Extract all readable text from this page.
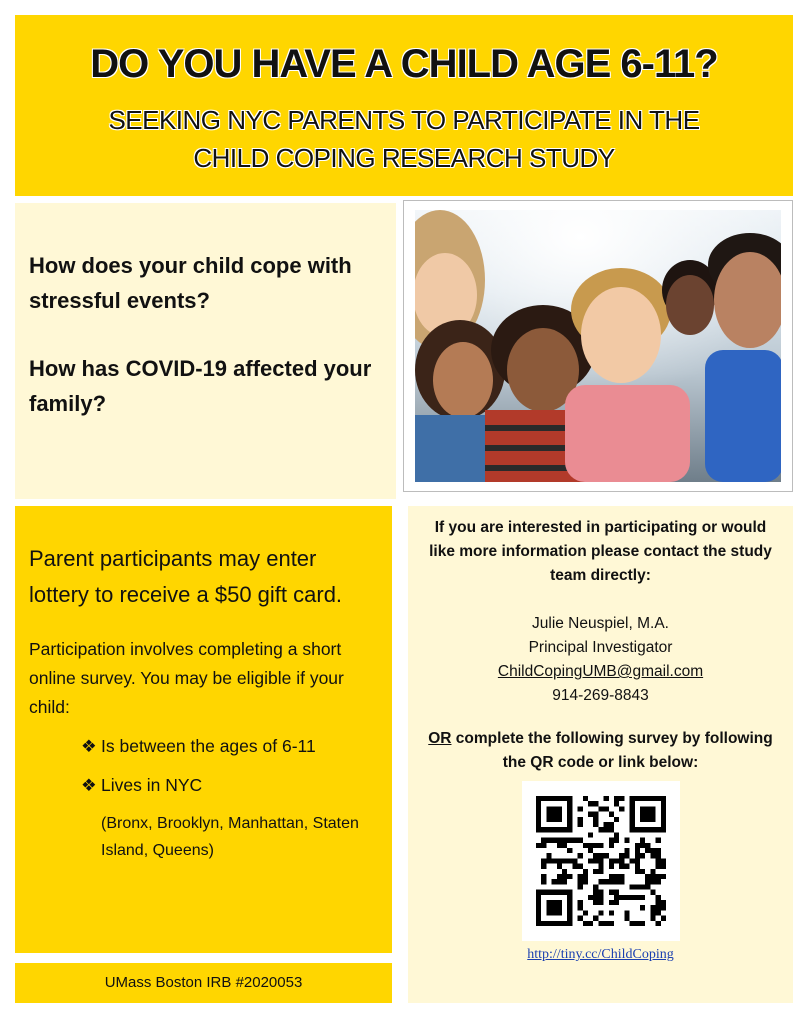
DO YOU HAVE A CHILD AGE 6-11?
SEEKING NYC PARENTS TO PARTICIPATE IN THE
CHILD COPING RESEARCH STUDY

How does your child cope with stressful events?

How has COVID-19 affected your family?

Parent participants may enter lottery to receive a $50 gift card.

Participation involves completing a short online survey. You may be eligible if your child:

❖ Is between the ages of 6-11
❖ Lives in NYC
(Bronx, Brooklyn, Manhattan, Staten Island, Queens)
UMass Boston IRB #2020053
If you are interested in participating or would like more information please contact the study team directly:
Julie Neuspiel, M.A.
Principal Investigator
ChildCopingUMB@gmail.com
914-269-8843
OR complete the following survey by following the QR code or link below:
http://tiny.cc/ChildCoping
